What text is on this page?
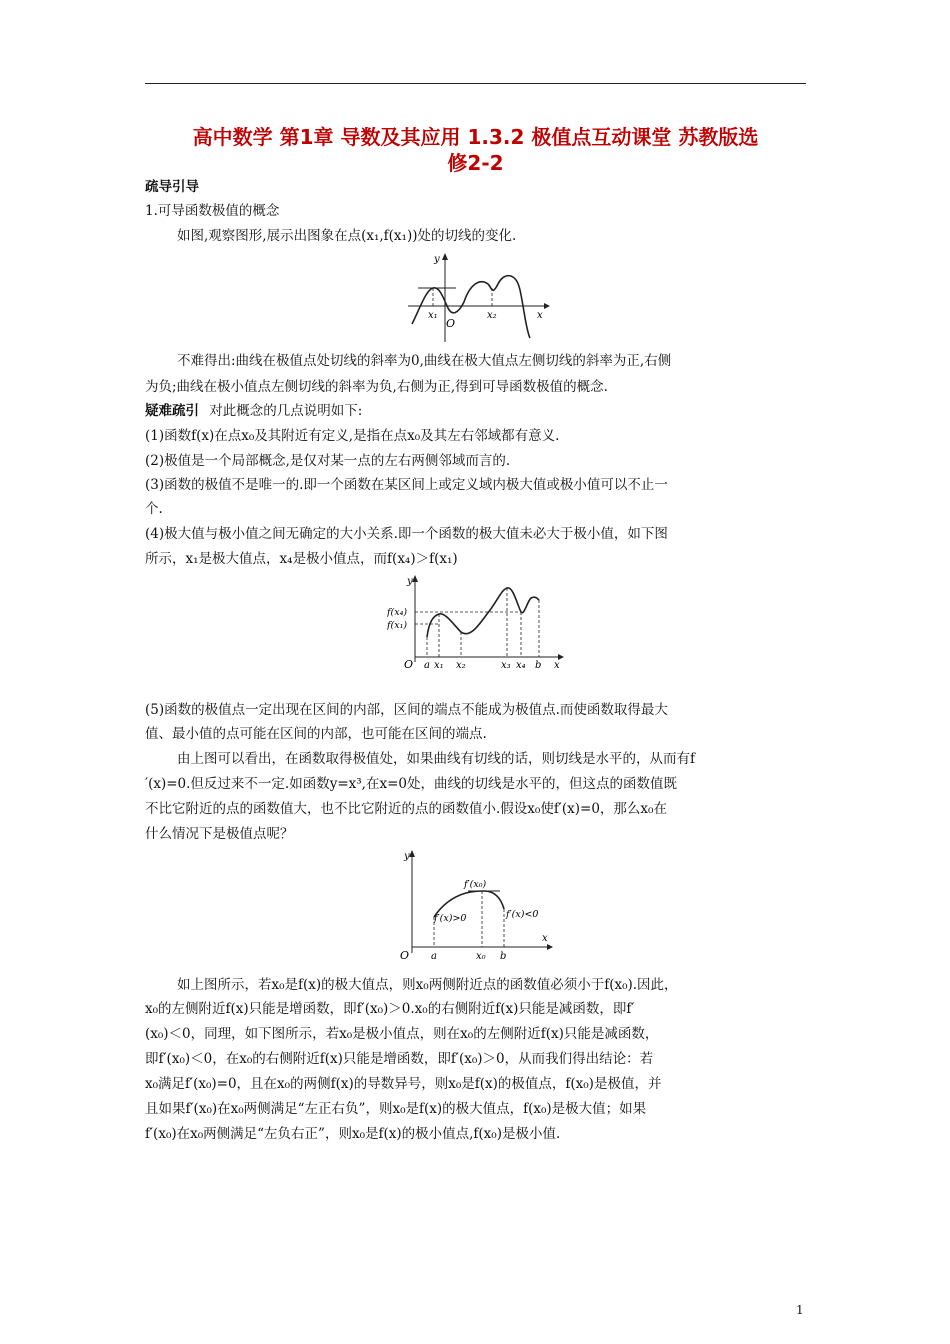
高中数学 第1章 导数及其应用 1.3.2 极值点互动课堂 苏教版选
修2-2
疏导引导
1.可导函数极值的概念
如图,观察图形,展示出图象在点(x₁,f(x₁))处的切线的变化.
y
x
O
x₁	x₂
不难得出:曲线在极值点处切线的斜率为0,曲线在极大值点左侧切线的斜率为正,右侧
为负;曲线在极小值点左侧切线的斜率为负,右侧为正,得到可导函数极值的概念.
疑难疏引 对此概念的几点说明如下:
(1)函数f(x)在点x₀及其附近有定义,是指在点x₀及其左右邻域都有意义.
(2)极值是一个局部概念,是仅对某一点的左右两侧邻域而言的.
(3)函数的极值不是唯一的.即一个函数在某区间上或定义域内极大值或极小值可以不止一
个.
(4)极大值与极小值之间无确定的大小关系.即一个函数的极大值未必大于极小值，如下图
所示，x₁是极大值点，x₄是极小值点，而f(x₄)＞f(x₁)
y
x
O
f(x₄)
f(x₁)
a x₁ x₂	x₃ x₄ b
(5)函数的极值点一定出现在区间的内部，区间的端点不能成为极值点.而使函数取得最大
值、最小值的点可能在区间的内部，也可能在区间的端点.
由上图可以看出，在函数取得极值处，如果曲线有切线的话，则切线是水平的，从而有f
′(x)=0.但反过来不一定.如函数y=x³,在x=0处，曲线的切线是水平的，但这点的函数值既
不比它附近的点的函数值大，也不比它附近的点的函数值小.假设x₀使f′(x)=0，那么x₀在
什么情况下是极值点呢？
y
x
O a	x₀ b
f′(x₀)
f′(x)>0	f′(x)<0
如上图所示，若x₀是f(x)的极大值点，则x₀两侧附近点的函数值必须小于f(x₀).因此，
x₀的左侧附近f(x)只能是增函数，即f′(x₀)＞0.x₀的右侧附近f(x)只能是减函数，即f′
(x₀)＜0，同理，如下图所示，若x₀是极小值点，则在x₀的左侧附近f(x)只能是减函数，
即f′(x₀)＜0，在x₀的右侧附近f(x)只能是增函数，即f′(x₀)＞0，从而我们得出结论：若
x₀满足f′(x₀)=0，且在x₀的两侧f(x)的导数异号，则x₀是f(x)的极值点，f(x₀)是极值，并
且如果f′(x₀)在x₀两侧满足“左正右负”，则x₀是f(x)的极大值点，f(x₀)是极大值；如果
f′(x₀)在x₀两侧满足“左负右正”，则x₀是f(x)的极小值点,f(x₀)是极小值.
1
